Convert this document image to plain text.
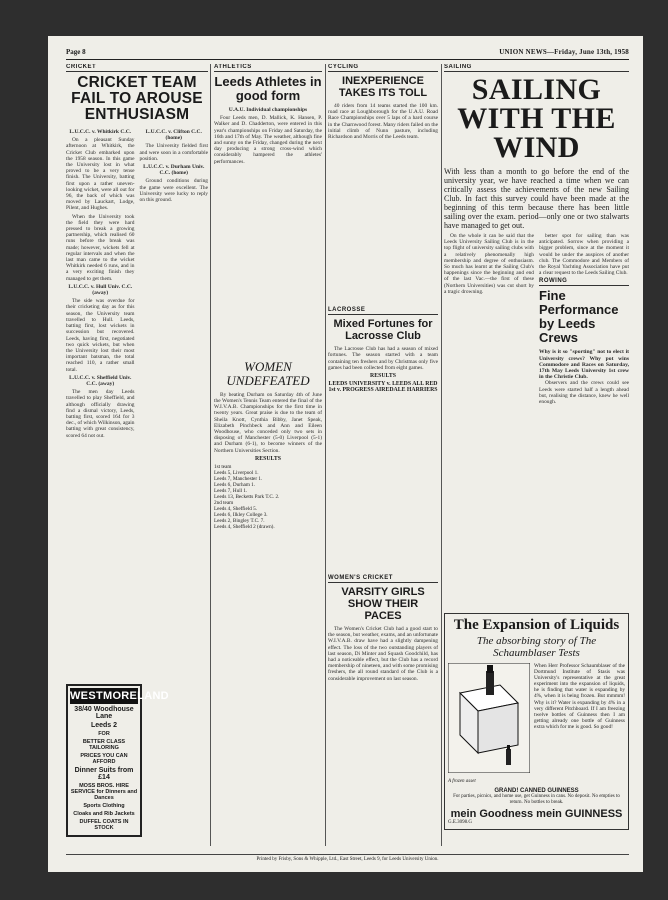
Page 8	UNION NEWS—Friday, June 13th, 1958
CRICKET
CRICKET TEAM FAIL TO AROUSE ENTHUSIASM
L.U.C.C. v. Whitkirk C.C.

On a pleasant Sunday afternoon at Whitkirk, the Cricket Club embarked upon the 1958 season. In this game the University lost in what proved to be a very tense finish. The University, batting first upon a rather uneven-looking wicket, were all out for 96, the back of which was moved by Lauckart, Lodge, Pilent, and Hughes.

When the University took the field they were hard pressed to break a growing partnership, which realised 60 runs before the break was made; however, wickets fell at regular intervals and when the last man came to the wicket Whitkirk needed 6 runs, and in a very exciting finish they managed to get them.

L.U.C.C. v. Hull Univ. C.C. (away)

The side was overdue for their cricketing day as for this season, the University team travelled to Hull. Leeds, batting first, lost wickets in succession but recovered. Leeds, having first, negotiated two quick wickets, but when the University lost their most important batsman, the total reached 110, a rather small total.

L.U.C.C. v. Sheffield Univ. C.C. (away)

The men day Leeds travelled to play Sheffield, and although officially drawing find a dismal victory, Leeds, batting first, scored 164 for 3 dec., of which Wilkinson, again batting with great consistency, scored 64 not out.

L.U.C.C. v. Clifton C.C. (home)

The University fielded first and were soon in a comfortable position.

L.U.C.C. v. Durham Univ. C.C. (home)

Ground conditions during the game were excellent. The University were lucky to reply on this ground.

WESTMORELAND
38/40 Woodhouse Lane
Leeds 2
FOR
BETTER CLASS TAILORING
PRICES YOU CAN AFFORD
Dinner Suits from £14
MOSS BROS. HIRE SERVICE for Dinners and Dances
Sports Clothing
Cloaks and Rib Jackets
DUFFEL COATS IN STOCK
ATHLETICS
Leeds Athletes in good form
U.A.U. Individual championships

Four Leeds men, D. Mallick, K. Hansen, P. Walker and D. Chadderton, were entered in this year's championships on Friday and Saturday, the 16th and 17th of May. The weather, although fine and sunny on the Friday, changed during the next day producing a strong cross-wind which considerably hampered the athletes' performances.

WOMEN UNDEFEATED

By beating Durham on Saturday 4th of June the Women's Tennis Team entered the final of the W.I.V.A.B. Championships for the first time in twenty years. Great praise is due to the team of Sheila Knott, Cynthia Bibby, Janet Speak, Elizabeth Pinchbeck and Ann and Eileen Woodhouse, who conceded only two sets in disposing of Manchester (5-0) Liverpool (5-1) and Durham (6-1), to become winners of the Northern Universities Section.

RESULTS
1st team
Leeds 5, Liverpool 1.
Leeds 7, Manchester 1.
Leeds 6, Durham 1.
Leeds 7, Hull 1.
Leeds 13, Becketts Park T.C. 2.
2nd team
Leeds 4, Sheffield 5.
Leeds 6, Ilkley College 3.
Leeds 2, Bingley T.C. 7.
Leeds 4, Sheffield 2 (drawn).
CYCLING
INEXPERIENCE TAKES ITS TOLL

40 riders from 14 teams started the 100 km. road race at Loughborough for the U.A.U. Road Race Championships over 5 laps of a hard course in the Charnwood forest. Many riders failed on the initial climb of Nunn pasture, including Richardson and Morris of the Leeds team.

LACROSSE
Mixed Fortunes for Lacrosse Club

The Lacrosse Club has had a season of mixed fortunes. The season started with a team containing ten freshers and by Christmas only five games had been collected from eight games.

RESULTS
LEEDS UNIVERSITY v. LEEDS ALL RED 1st v. PROGRESS AIREDALE HARRIERS
WOMEN'S CRICKET
VARSITY GIRLS SHOW THEIR PACES

The Women's Cricket Club had a good start to the season, but weather, exams, and an unfortunate W.I.V.A.B. draw have had a slightly dampening effect. The loss of the two outstanding players of last season, Di Minter and Squash Goodchild, has had a noticeable effect, but the Club has a record membership of nineteen, and with some promising freshers, the all round standard of the Club is a considerable improvement on last season.

SAILING
SAILING WITH THE WIND
With less than a month to go before the end of the university year, we have reached a time when we can critically assess the achievements of the new Sailing Club. In fact this survey could have been made at the beginning of this term because there has been little sailing over the exam. period—only one or two stalwarts have managed to get out.

On the whole it can be said that the Leeds University Sailing Club is in the top flight of university sailing clubs with a relatively phenomenally high membership and degree of enthusiasm. So much has learnt at the Sailing Club's happenings since the beginning and end of the last Vac.—the first of these (Northern Universities) was cut short by a tragic drowning.

better spot for sailing than was anticipated. Sorrow when providing a bigger problem, since at the moment it would be under the auspices of another club. The Commodore and Members of the Royal Yachting Association have put a clear request to the Leeds Sailing Club.

ROWING
Fine Performance by Leeds Crews
Why is it so "sporting" not to elect it University crews? Why pot wins Commodore and Races on Saturday, 17th May Leeds University 1st crew in the Christie Club.

Observers and the crews could see Leeds were started half a length ahead but, realising the distance, knew he well enough.

The Expansion of Liquids
The absorbing story of The Schaumblaser Tests
A frozen asset
When Herr Professor Schaumblaser of the Dortmund Institute of Stasis was University's representative at the great experiment into the expansion of liquids, he is finding that water is expanding by 4%, when it is being frozen. But mmmm! Why is it? Water is expanding by 4% in a very different Pitchboard. If I am freezing twelve bottles of Guinness then I am getting already one bottle of Guinness extra which for me is good. So good!
GRAND! CANNED GUINNESS
For parties, picnics, and home use, get Guinness in cans. No deposit. No empties to return. No bottles to break.
mein Goodness mein GUINNESS
G.E.3098.G
Printed by Frisby, Sons & Whipple, Ltd., East Street, Leeds 9, for Leeds University Union.
